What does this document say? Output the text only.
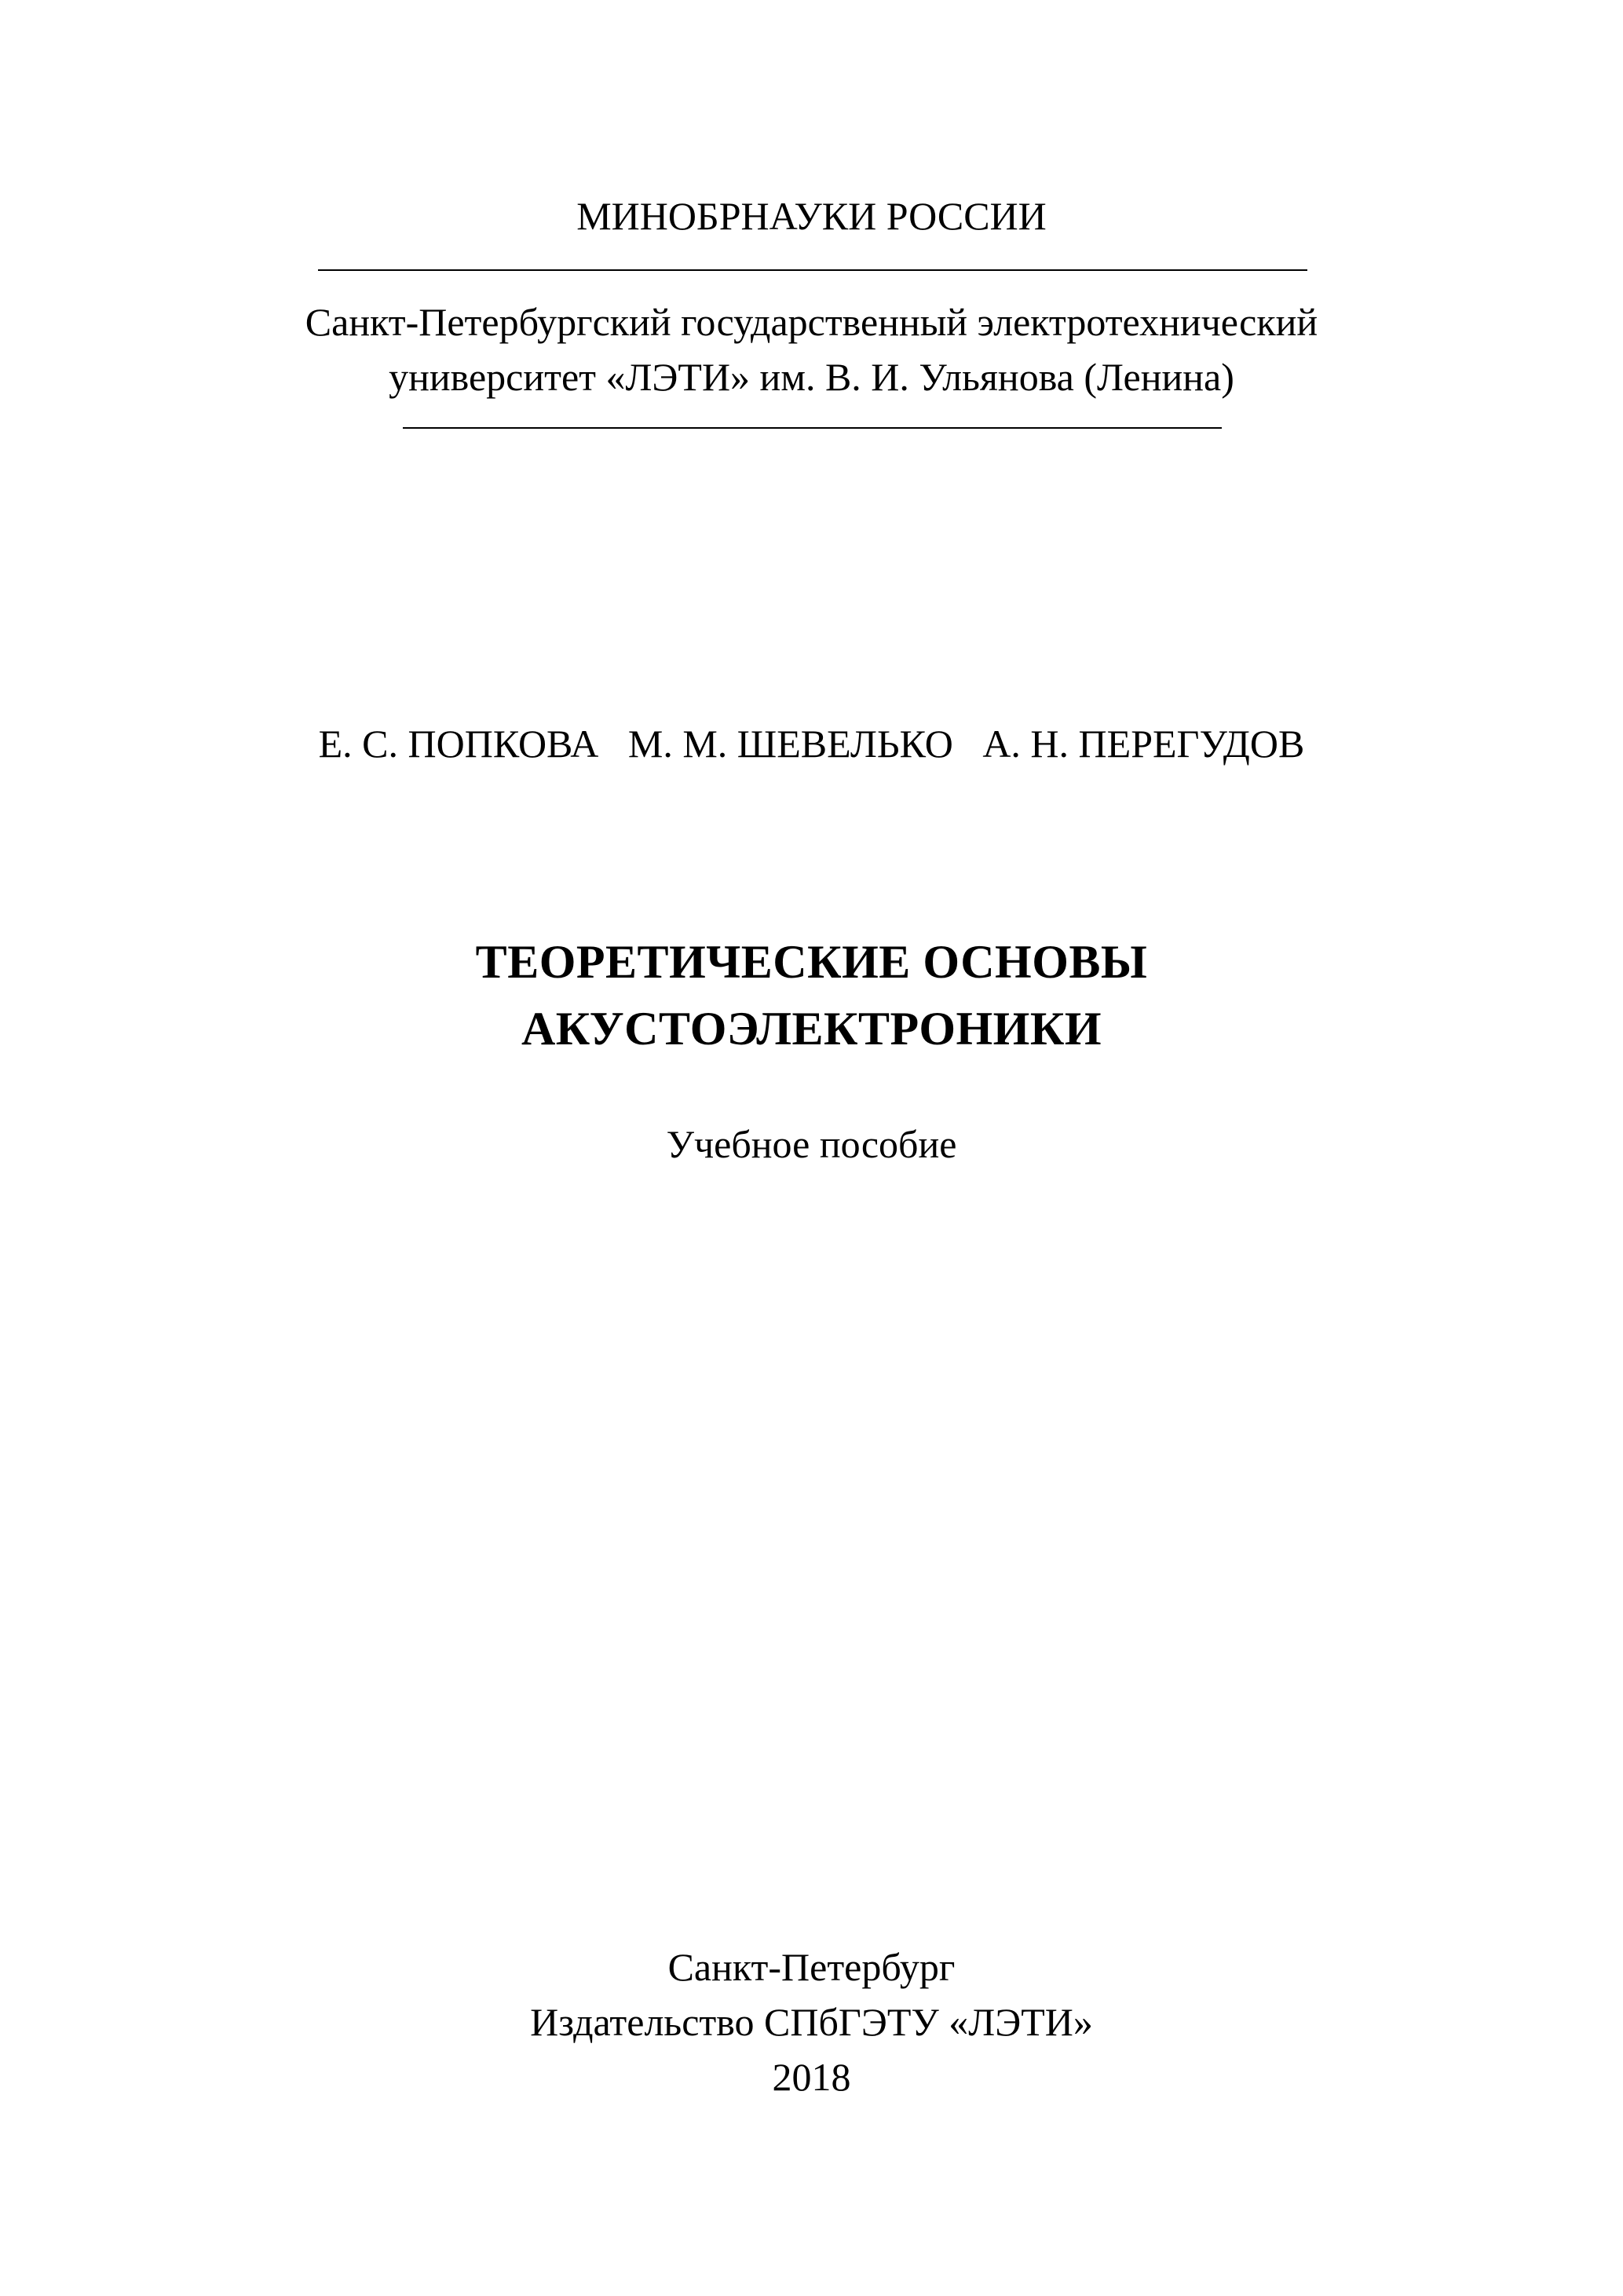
МИНОБРНАУКИ РОССИИ
Санкт-Петербургский государственный электротехнический
университет «ЛЭТИ» им. В. И. Ульянова (Ленина)
Е. С. ПОПКОВА   М. М. ШЕВЕЛЬКО   А. Н. ПЕРЕГУДОВ
ТЕОРЕТИЧЕСКИЕ ОСНОВЫ
АКУСТОЭЛЕКТРОНИКИ
Учебное пособие
Санкт-Петербург
Издательство СПбГЭТУ «ЛЭТИ»
2018
